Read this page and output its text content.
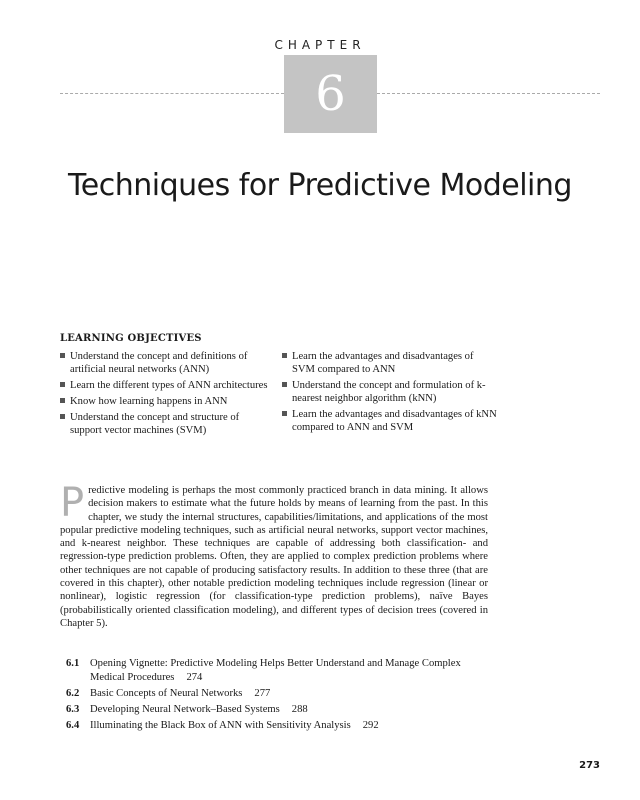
CHAPTER
6
Techniques for Predictive Modeling
LEARNING OBJECTIVES
Understand the concept and definitions of artificial neural networks (ANN)
Learn the different types of ANN architectures
Know how learning happens in ANN
Understand the concept and structure of support vector machines (SVM)
Learn the advantages and disadvantages of SVM compared to ANN
Understand the concept and formulation of k-nearest neighbor algorithm (kNN)
Learn the advantages and disadvantages of kNN compared to ANN and SVM

Predictive modeling is perhaps the most commonly practiced branch in data mining. It allows decision makers to estimate what the future holds by means of learning from the past. In this chapter, we study the internal structures, capabilities/limitations, and applications of the most popular predictive modeling techniques, such as artificial neural networks, support vector machines, and k-nearest neighbor. These techniques are capable of addressing both classification- and regression-type prediction problems. Often, they are applied to complex prediction problems where other techniques are not capable of producing satisfactory results. In addition to these three (that are covered in this chapter), other notable prediction modeling techniques include regression (linear or nonlinear), logistic regression (for classification-type prediction problems), naïve Bayes (probabilistically oriented classification modeling), and different types of decision trees (covered in Chapter 5).

6.1 Opening Vignette: Predictive Modeling Helps Better Understand and Manage Complex Medical Procedures 274
6.2 Basic Concepts of Neural Networks 277
6.3 Developing Neural Network–Based Systems 288
6.4 Illuminating the Black Box of ANN with Sensitivity Analysis 292
273
